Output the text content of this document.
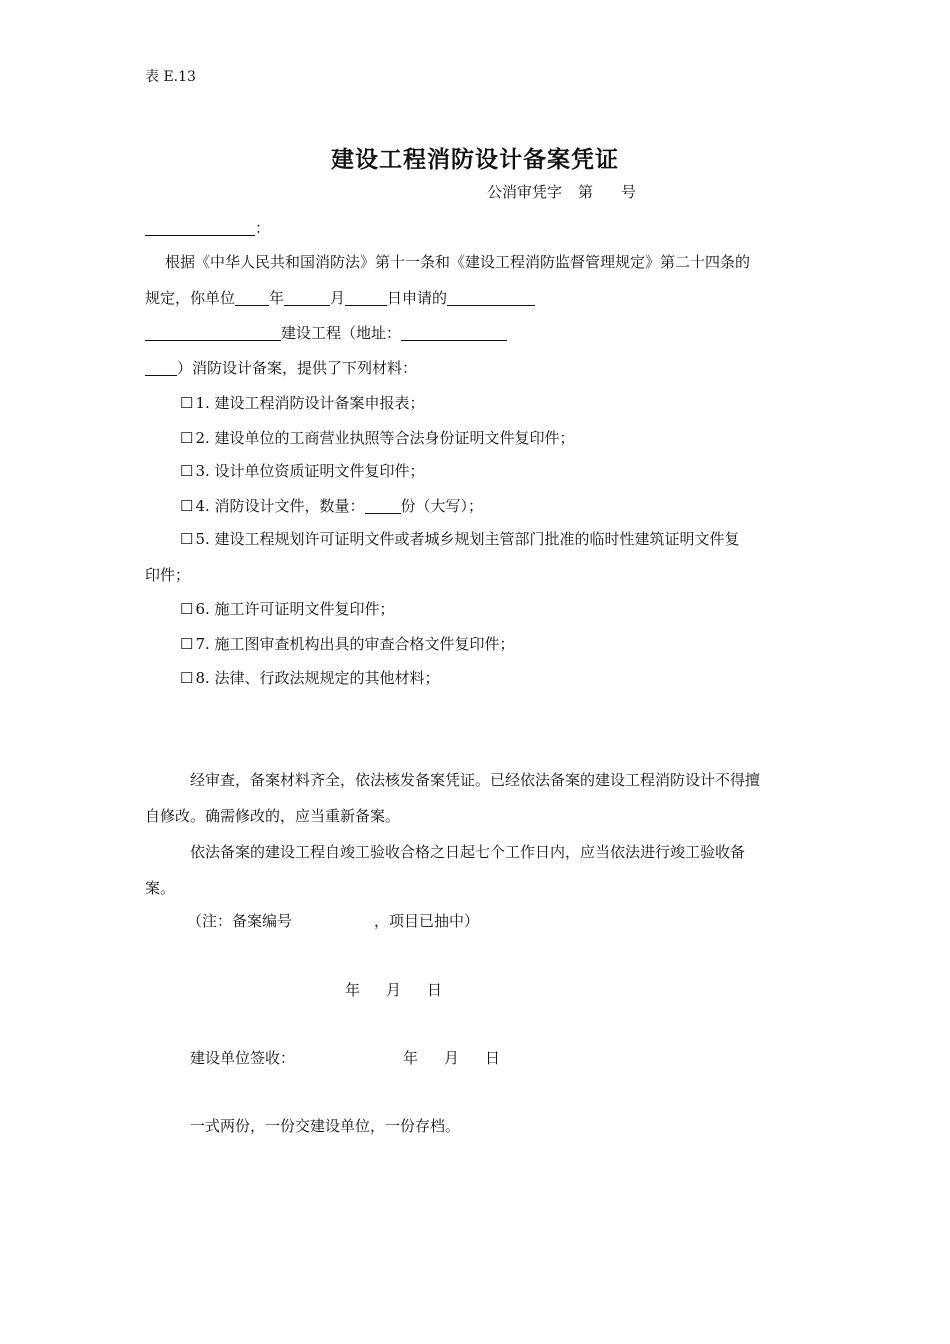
表 E.13
建设工程消防设计备案凭证
公消审凭字 第 号
：
根据《中华人民共和国消防法》第十一条和《建设工程消防监督管理规定》第二十四条的
规定，你单位 年	月	日申请的
建设工程（地址：
）消防设计备案，提供了下列材料：
☐ 1. 建设工程消防设计备案申报表；
☐ 2. 建设单位的工商营业执照等合法身份证明文件复印件；
☐ 3. 设计单位资质证明文件复印件；
☐ 4. 消防设计文件，数量： 份（大写）；
☐ 5. 建设工程规划许可证明文件或者城乡规划主管部门批准的临时性建筑证明文件复
印件；
☐ 6. 施工许可证明文件复印件；
☐ 7. 施工图审查机构出具的审查合格文件复印件；
☐ 8. 法律、行政法规规定的其他材料；
经审查，备案材料齐全，依法核发备案凭证。已经依法备案的建设工程消防设计不得擅
自修改。确需修改的，应当重新备案。
依法备案的建设工程自竣工验收合格之日起七个工作日内，应当依法进行竣工验收备
案。
（注：备案编号	，项目已抽中）
年 月 日
建设单位签收：	年 月 日
一式两份，一份交建设单位，一份存档。
